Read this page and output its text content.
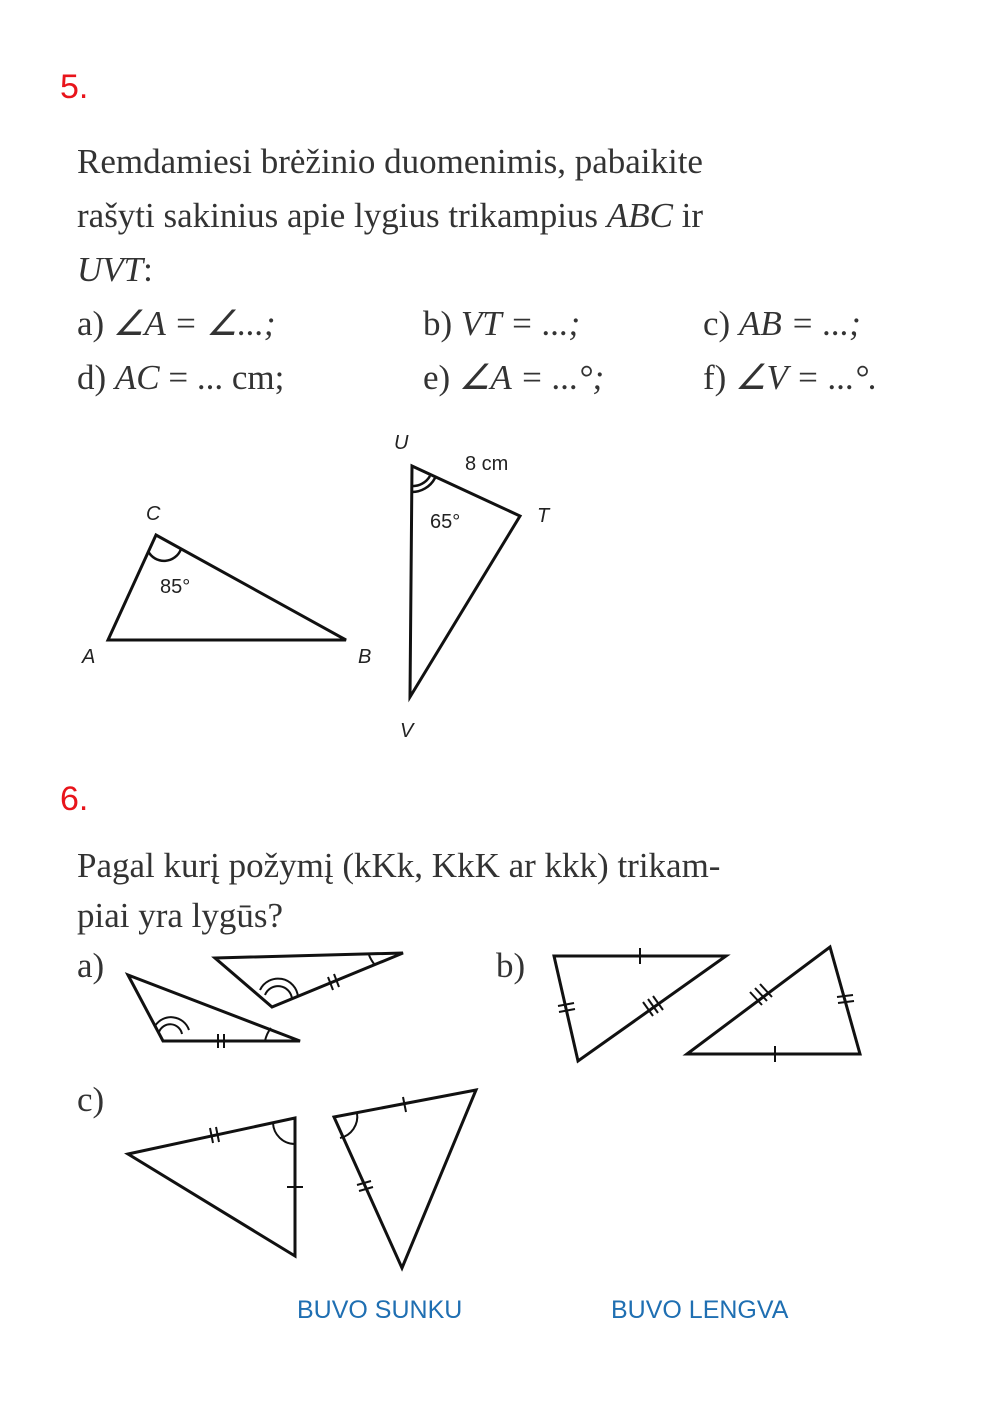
5.
Remdamiesi brėžinio duomenimis, pabaikite
rašyti sakinius apie lygius trikampius ABC ir
UVT:
a) ∠A = ∠...;	b) VT = ...;	c) AB = ...;
d) AC = ... cm;	e) ∠A = ...°;	f) ∠V = ...°.
C
85°
A	B
U
8 cm
65°	T
V
6.
Pagal kurį požymį (kKk, KkK ar kkk) trikam-
piai yra lygūs?
a)	b)
c)
BUVO SUNKU	BUVO LENGVA
